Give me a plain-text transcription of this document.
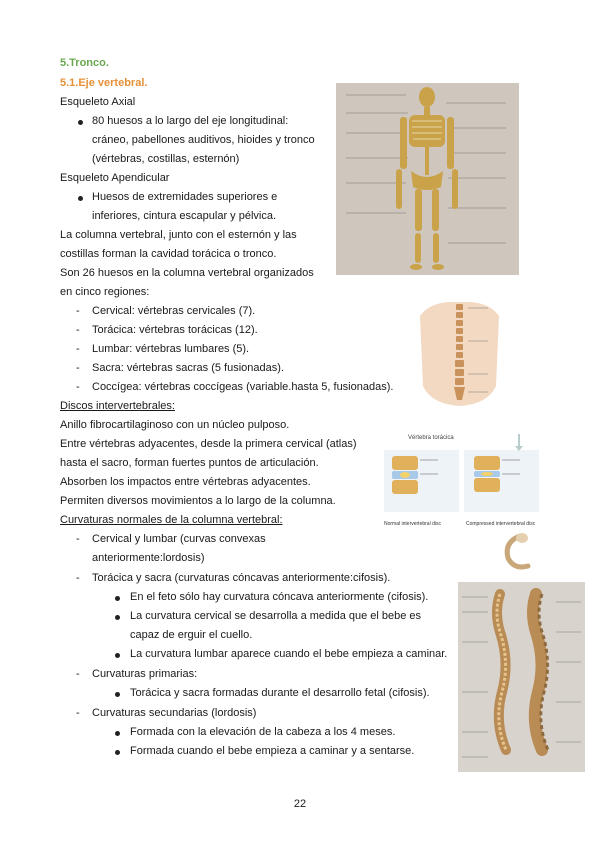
5.Tronco.
5.1.Eje vertebral.
Esqueleto Axial
80 huesos a lo largo del eje longitudinal:
cráneo, pabellones auditivos, hioides y tronco
(vértebras, costillas, esternón)
Esqueleto Apendicular
Huesos de extremidades superiores e
inferiores, cintura escapular y pélvica.
La columna vertebral, junto con el esternón y las
costillas forman la cavidad torácica o tronco.
Son 26 huesos en la columna vertebral organizados
en cinco regiones:
- Cervical: vértebras cervicales (7).
- Torácica: vértebras torácicas (12).
- Lumbar: vértebras lumbares (5).
- Sacra: vértebras sacras (5 fusionadas).
- Coccígea: vértebras coccígeas (variable.hasta 5, fusionadas).
Discos intervertebrales:
Anillo fibrocartilaginoso con un núcleo pulposo.
Entre vértebras adyacentes, desde la primera cervical (atlas)
hasta el sacro, forman fuertes puntos de articulación.
Absorben los impactos entre vértebras adyacentes.
Permiten diversos movimientos a lo largo de la columna.
Curvaturas normales de la columna vertebral:
- Cervical y lumbar (curvas convexas
anteriormente:lordosis)
- Torácica y sacra (curvaturas cóncavas anteriormente:cifosis).
En el feto sólo hay curvatura cóncava anteriormente (cifosis).
La curvatura cervical se desarrolla a medida que el bebe es
capaz de erguir el cuello.
La curvatura lumbar aparece cuando el bebe empieza a caminar.
- Curvaturas primarias:
Torácica y sacra formadas durante el desarrollo fetal (cifosis).
- Curvaturas secundarias (lordosis)
Formada con la elevación de la cabeza a los 4 meses.
Formada cuando el bebe empieza a caminar y a sentarse.
Vértebra torácica
Normal intervertebral disc	Compressed intervertebral disc
22
